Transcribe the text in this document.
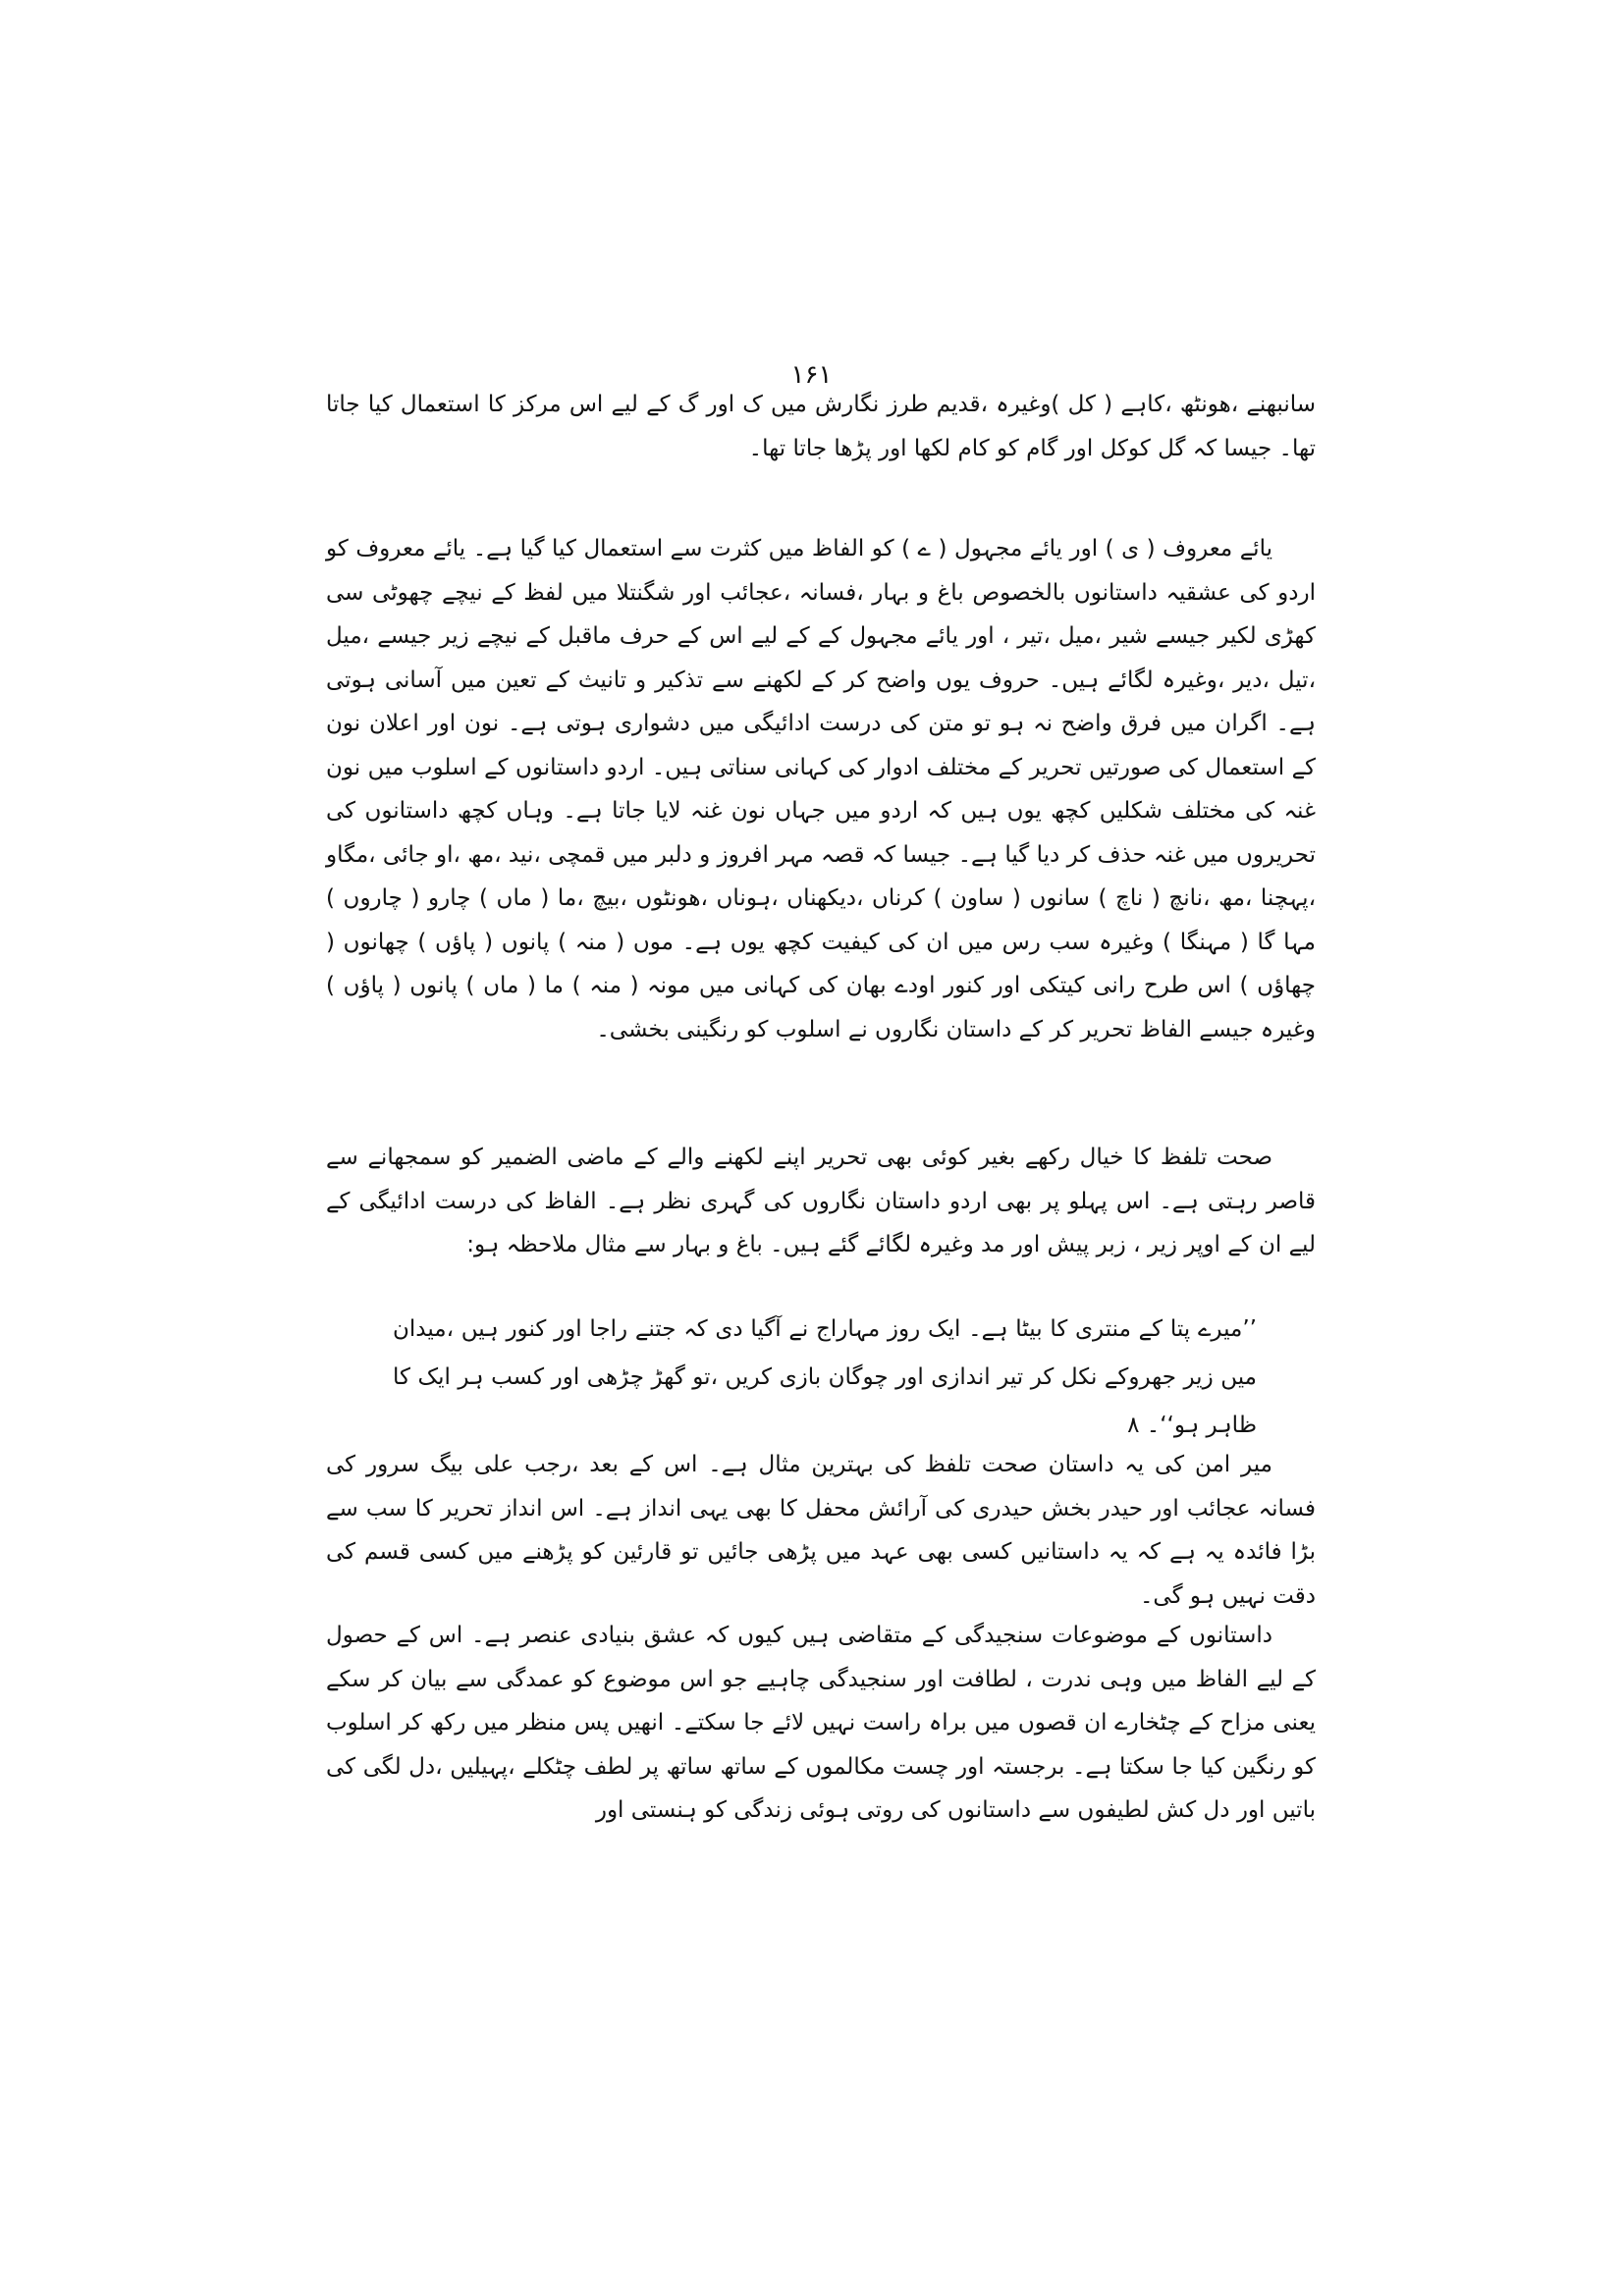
۱۶۱

سانبھنے ،ھونٹھ ،کاہے ( کل )وغیرہ ،قدیم طرز نگارش میں ک اور گ کے لیے اس مرکز کا استعمال کیا جاتا تھا۔ جیسا کہ گل کوکل اور گام کو کام لکھا اور پڑھا جاتا تھا۔

یائے معروف ( ی ) اور یائے مجہول ( ے ) کو الفاظ میں کثرت سے استعمال کیا گیا ہے۔ یائے معروف کو اردو کی عشقیہ داستانوں بالخصوص باغ و بہار ،فسانہ ،عجائب اور شگنتلا میں لفظ کے نیچے چھوٹی سی کھڑی لکیر جیسے شیر ،میل ،تیر ، اور یائے مجہول کے کے لیے اس کے حرف ماقبل کے نیچے زیر جیسے ،میل ،تیل ،دیر ،وغیرہ لگائے ہیں۔ حروف یوں واضح کر کے لکھنے سے تذکیر و تانیث کے تعین میں آسانی ہوتی ہے۔ اگران میں فرق واضح نہ ہو تو متن کی درست ادائیگی میں دشواری ہوتی ہے۔ نون اور اعلان نون کے استعمال کی صورتیں تحریر کے مختلف ادوار کی کہانی سناتی ہیں۔ اردو داستانوں کے اسلوب میں نون غنہ کی مختلف شکلیں کچھ یوں ہیں کہ اردو میں جہاں نون غنہ لایا جاتا ہے۔ وہاں کچھ داستانوں کی تحریروں میں غنہ حذف کر دیا گیا ہے۔ جیسا کہ قصہ مہر افروز و دلبر میں قمچی ،نید ،مھ ،او جائی ،مگاو ،پہچنا ،مھ ،نانچ ( ناچ ) سانوں ( ساون ) کرناں ،دیکھناں ،ہوناں ،ھونٹوں ،بیچ ،ما ( ماں ) چارو ( چاروں ) مہا گا ( مہنگا ) وغیرہ سب رس میں ان کی کیفیت کچھ یوں ہے۔ موں ( منہ ) پانوں ( پاؤں ) چھانوں ( چھاؤں ) اس طرح رانی کیتکی اور کنور اودے بھان کی کہانی میں مونہ ( منہ ) ما ( ماں ) پانوں ( پاؤں ) وغیرہ جیسے الفاظ تحریر کر کے داستان نگاروں نے اسلوب کو رنگینی بخشی۔

صحت تلفظ کا خیال رکھے بغیر کوئی بھی تحریر اپنے لکھنے والے کے ماضی الضمیر کو سمجھانے سے قاصر رہتی ہے۔ اس پہلو پر بھی اردو داستان نگاروں کی گہری نظر ہے۔ الفاظ کی درست ادائیگی کے لیے ان کے اوپر زیر ، زبر پیش اور مد وغیرہ لگائے گئے ہیں۔ باغ و بہار سے مثال ملاحظہ ہو:

’’میرے پتا کے منتری کا بیٹا ہے۔ ایک روز مہاراج نے آگیا دی کہ جتنے راجا اور کنور ہیں ،میدان میں زیر جھروکے نکل کر تیر اندازی اور چوگان بازی کریں ،تو گھڑ چڑھی اور کسب ہر ایک کا ظاہر ہو‘‘۔ ۸

میر امن کی یہ داستان صحت تلفظ کی بہترین مثال ہے۔ اس کے بعد ،رجب علی بیگ سرور کی فسانہ عجائب اور حیدر بخش حیدری کی آرائش محفل کا بھی یہی انداز ہے۔ اس انداز تحریر کا سب سے بڑا فائدہ یہ ہے کہ یہ داستانیں کسی بھی عہد میں پڑھی جائیں تو قارئین کو پڑھنے میں کسی قسم کی دقت نہیں ہو گی۔

داستانوں کے موضوعات سنجیدگی کے متقاضی ہیں کیوں کہ عشق بنیادی عنصر ہے۔ اس کے حصول کے لیے الفاظ میں وہی ندرت ، لطافت اور سنجیدگی چاہیے جو اس موضوع کو عمدگی سے بیان کر سکے یعنی مزاح کے چٹخارے ان قصوں میں براہ راست نہیں لائے جا سکتے۔ انھیں پس منظر میں رکھ کر اسلوب کو رنگین کیا جا سکتا ہے۔ برجستہ اور چست مکالموں کے ساتھ ساتھ پر لطف چٹکلے ،پہیلیں ،دل لگی کی باتیں اور دل کش لطیفوں سے داستانوں کی روتی ہوئی زندگی کو ہنستی اور
